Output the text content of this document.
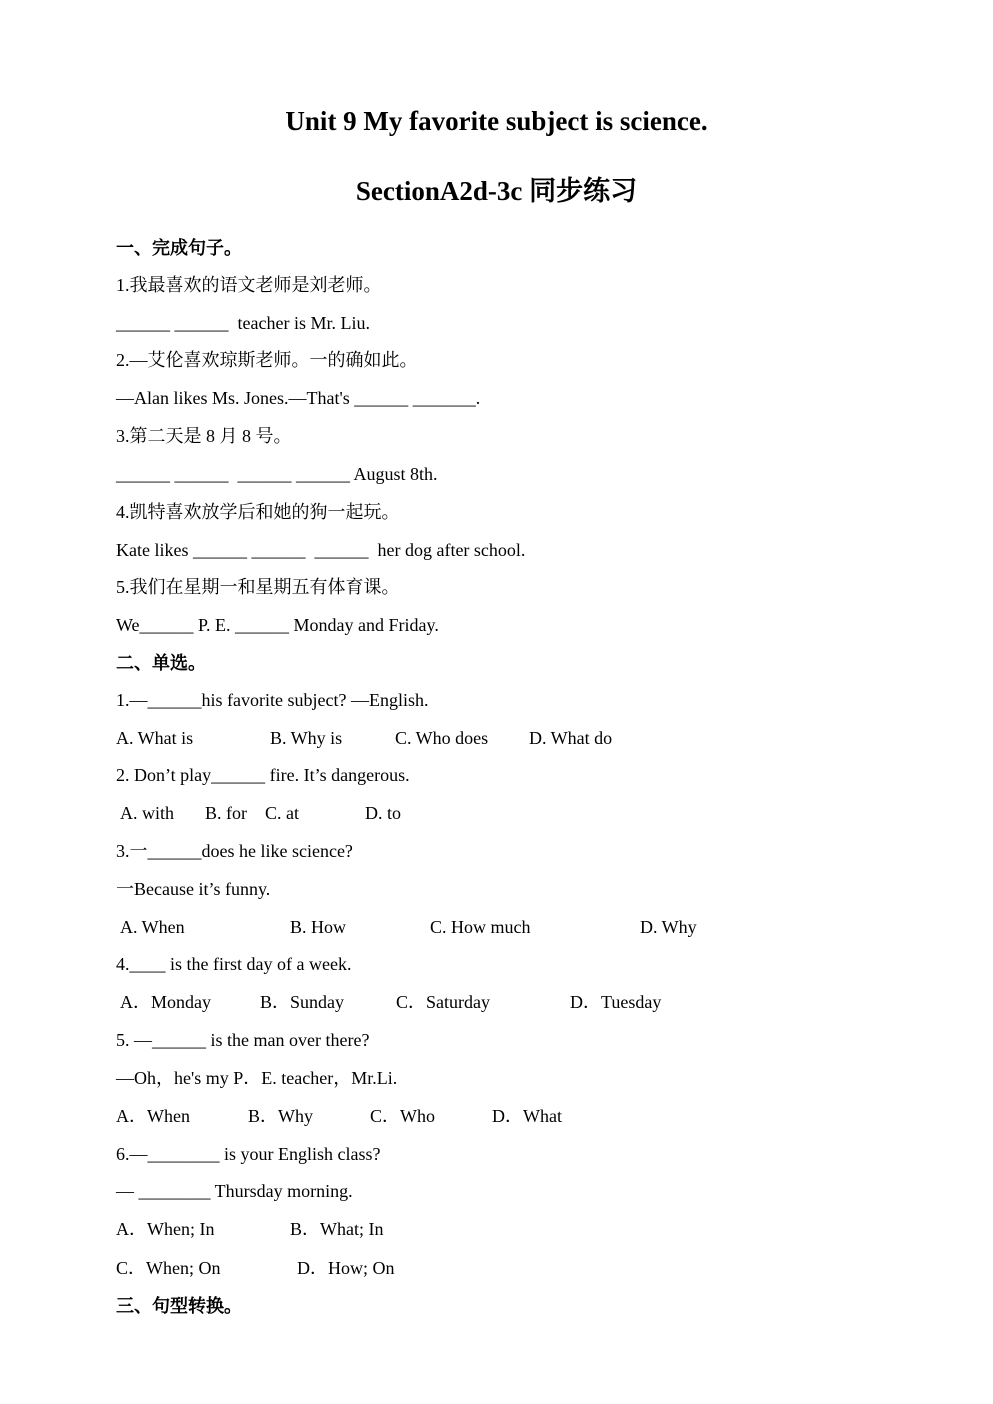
Unit 9 My favorite subject is science.
SectionA2d-3c 同步练习
一、完成句子。
1.我最喜欢的语文老师是刘老师。
______ ______  teacher is Mr. Liu.
2.—艾伦喜欢琼斯老师。一的确如此。
—Alan likes Ms. Jones.—That's ______ _______.
3.第二天是 8 月 8 号。
______ ______  ______ ______ August 8th.
4.凯特喜欢放学后和她的狗一起玩。
Kate likes ______ ______  ______  her dog after school.
5.我们在星期一和星期五有体育课。
We______ P. E. ______ Monday and Friday.
二、单选。
1.—______his favorite subject? —English.
A. What is	B. Why is	C. Who does D. What do
2. Don’t play______ fire. It’s dangerous.
A. with B. for C. at	D. to
3.一______does he like science?
一Because it’s funny.
A. When	B. How	C. How much	D. Why
4.____ is the first day of a week.
A．Monday	B．Sunday	C．Saturday	D．Tuesday
5. —______ is the man over there?
—Oh，he's my P．E. teacher，Mr.Li.
A．When	B．Why	C．Who	D．What
6.—________ is your English class?
— ________ Thursday morning.
A．When; In	B．What; In
C．When; On	D．How; On
三、句型转换。
